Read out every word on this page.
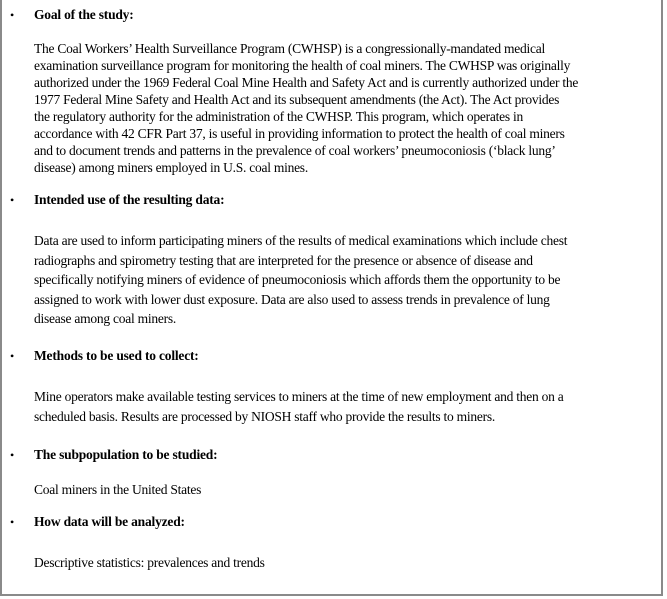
• Goal of the study:
The Coal Workers’ Health Surveillance Program (CWHSP) is a congressionally-mandated medical
examination surveillance program for monitoring the health of coal miners. The CWHSP was originally
authorized under the 1969 Federal Coal Mine Health and Safety Act and is currently authorized under the
1977 Federal Mine Safety and Health Act and its subsequent amendments (the Act). The Act provides
the regulatory authority for the administration of the CWHSP. This program, which operates in
accordance with 42 CFR Part 37, is useful in providing information to protect the health of coal miners
and to document trends and patterns in the prevalence of coal workers’ pneumoconiosis (‘black lung’
disease) among miners employed in U.S. coal mines.
• Intended use of the resulting data:
Data are used to inform participating miners of the results of medical examinations which include chest
radiographs and spirometry testing that are interpreted for the presence or absence of disease and
specifically notifying miners of evidence of pneumoconiosis which affords them the opportunity to be
assigned to work with lower dust exposure. Data are also used to assess trends in prevalence of lung
disease among coal miners.
• Methods to be used to collect:
Mine operators make available testing services to miners at the time of new employment and then on a
scheduled basis. Results are processed by NIOSH staff who provide the results to miners.
• The subpopulation to be studied:
Coal miners in the United States
• How data will be analyzed:
Descriptive statistics: prevalences and trends
